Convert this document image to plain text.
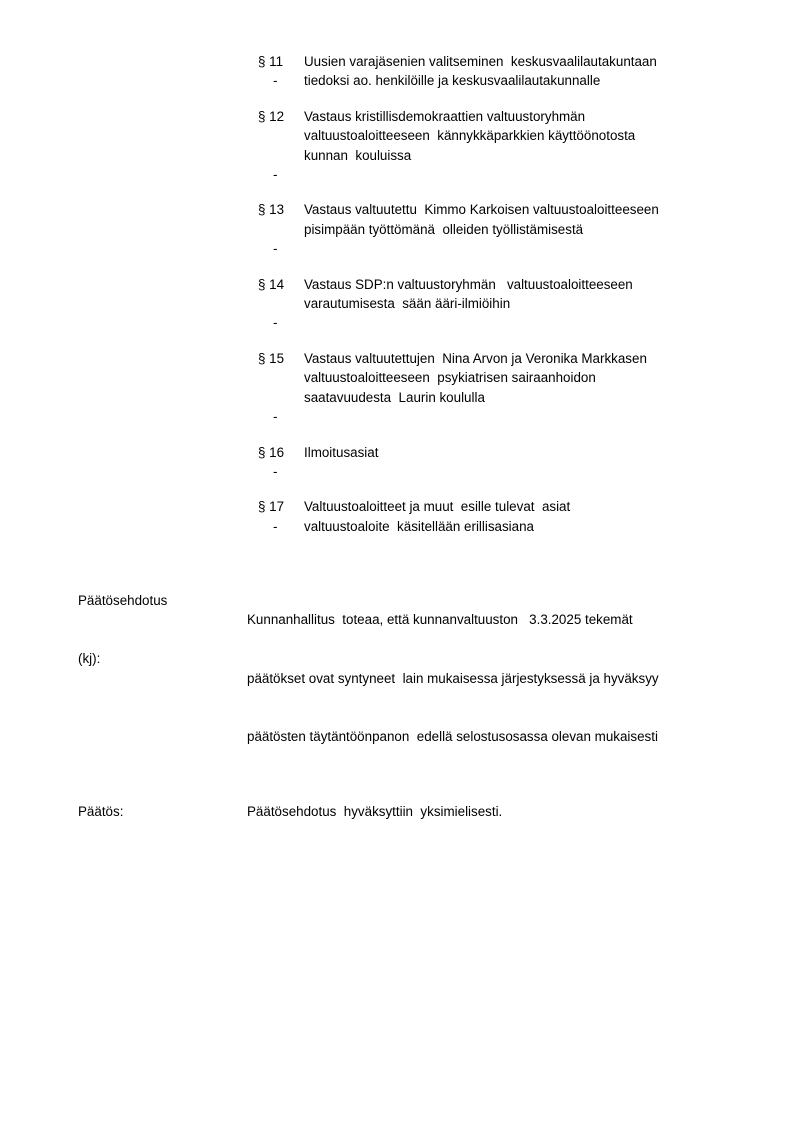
§ 11	Uusien varajäsenien valitseminen  keskusvaalilautakuntaan
-	tiedoksi ao. henkilöille ja keskusvaalilautakunnalle
§ 12	Vastaus kristillisdemokraattien valtuustoryhmän
valtuustoaloitteeseen  kännykkäparkkien käyttöönotosta
kunnan  kouluissa
-
§ 13	Vastaus valtuutettu  Kimmo Karkoisen valtuustoaloitteeseen
pisimpään työttömänä  olleiden työllistämisestä
-
§ 14	Vastaus SDP:n valtuustoryhmän   valtuustoaloitteeseen
varautumisesta  sään ääri-ilmiöihin
-
§ 15	Vastaus valtuutettujen  Nina Arvon ja Veronika Markkasen
valtuustoaloitteeseen  psykiatrisen sairaanhoidon
saatavuudesta  Laurin koululla
-
§ 16	Ilmoitusasiat
-
§ 17	Valtuustoaloitteet ja muut  esille tulevat  asiat
-	valtuustoaloite  käsitellään erillisasiana

Päätösehdotus

(kj):

Kunnanhallitus  toteaa, että kunnanvaltuuston   3.3.2025 tekemät

päätökset ovat syntyneet  lain mukaisessa järjestyksessä ja hyväksyy

päätösten täytäntöönpanon  edellä selostusosassa olevan mukaisesti

Päätös:	Päätösehdotus  hyväksyttiin  yksimielisesti.
